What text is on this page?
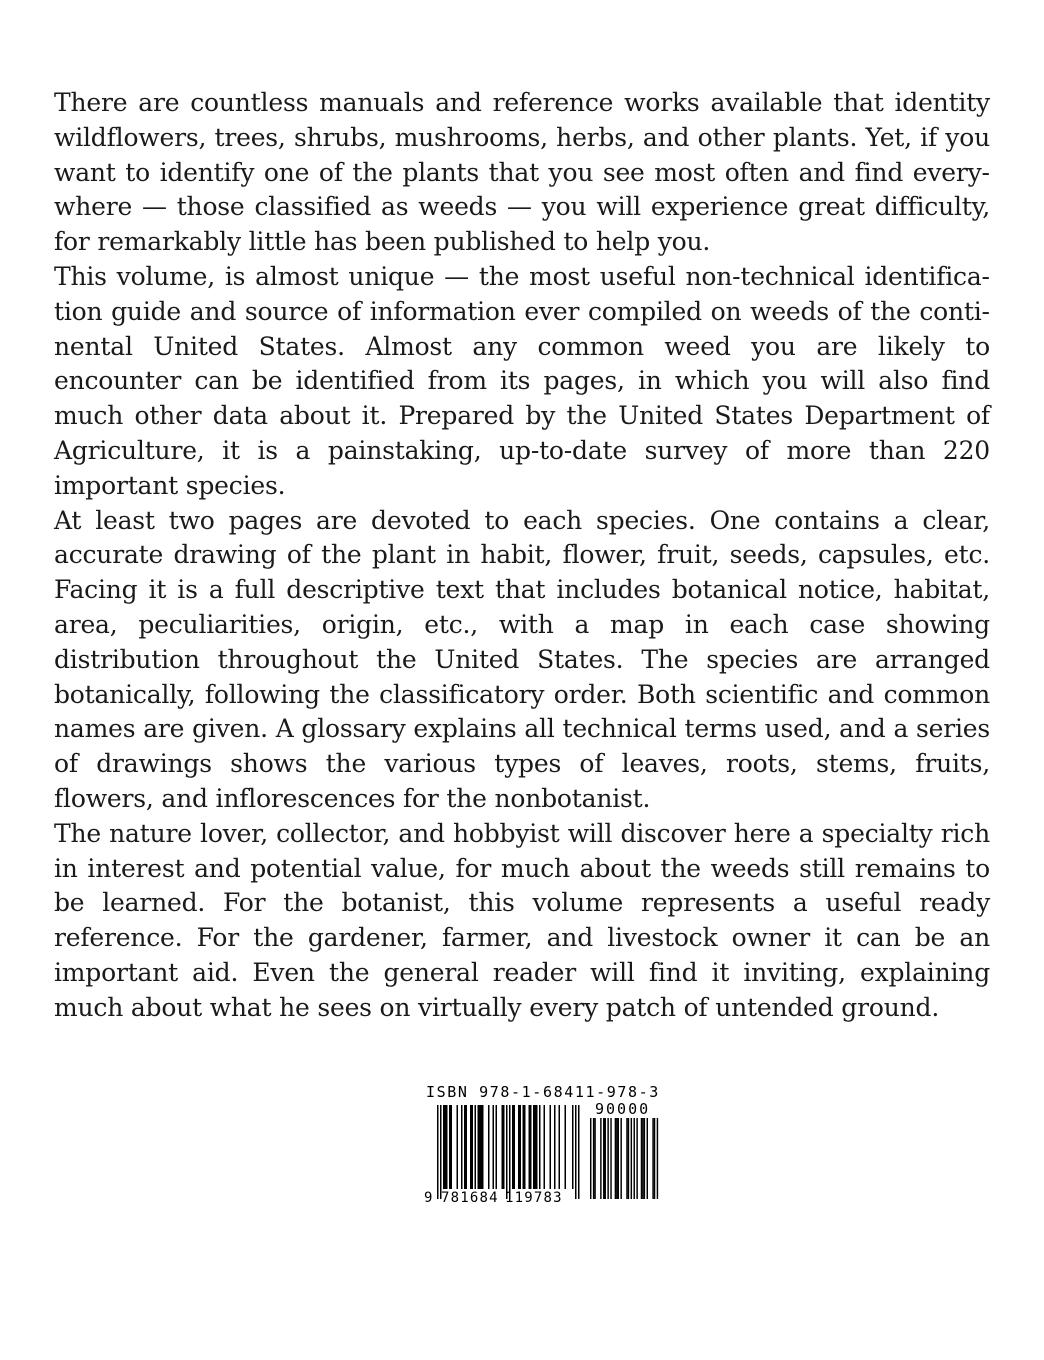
There are countless manuals and reference works available that identity wildflowers, trees, shrubs, mushrooms, herbs, and other plants. Yet, if you want to identify one of the plants that you see most often and find everywhere — those classified as weeds — you will experience great difficulty, for remarkably little has been published to help you.

This volume, is almost unique — the most useful non-technical identification guide and source of information ever compiled on weeds of the continental United States. Almost any common weed you are likely to encounter can be identified from its pages, in which you will also find much other data about it. Prepared by the United States Department of Agriculture, it is a painstaking, up-to-date survey of more than 220 important species.

At least two pages are devoted to each species. One contains a clear, accurate drawing of the plant in habit, flower, fruit, seeds, capsules, etc. Facing it is a full descriptive text that includes botanical notice, habitat, area, peculiarities, origin, etc., with a map in each case showing distribution throughout the United States. The species are arranged botanically, following the classificatory order. Both scientific and common names are given. A glossary explains all technical terms used, and a series of drawings shows the various types of leaves, roots, stems, fruits, flowers, and inflorescences for the nonbotanist.

The nature lover, collector, and hobbyist will discover here a specialty rich in interest and potential value, for much about the weeds still remains to be learned. For the botanist, this volume represents a useful ready reference. For the gardener, farmer, and livestock owner it can be an important aid. Even the general reader will find it inviting, explaining much about what he sees on virtually every patch of untended ground.

ISBN 978-1-68411-978-3
90000
9 781684 119783
